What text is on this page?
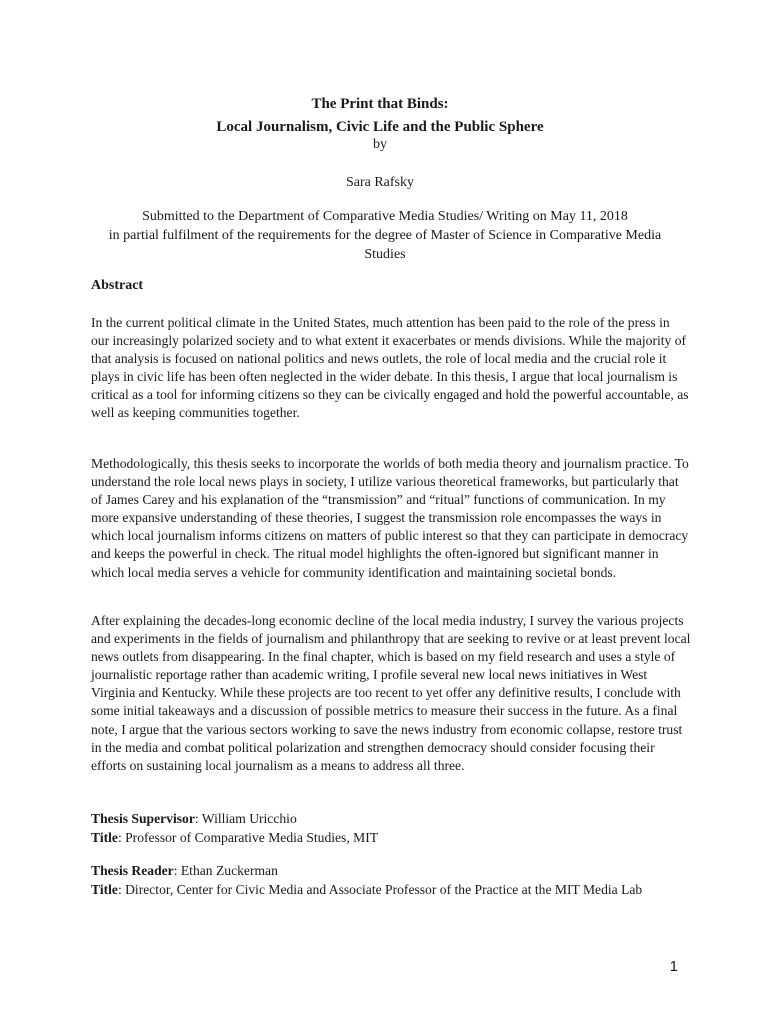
The Print that Binds:
Local Journalism, Civic Life and the Public Sphere
by
Sara Rafsky
Submitted to the Department of Comparative Media Studies/ Writing on May 11, 2018
in partial fulfilment of the requirements for the degree of Master of Science in Comparative Media Studies
Abstract

In the current political climate in the United States, much attention has been paid to the role of the press in our increasingly polarized society and to what extent it exacerbates or mends divisions. While the majority of that analysis is focused on national politics and news outlets, the role of local media and the crucial role it plays in civic life has been often neglected in the wider debate. In this thesis, I argue that local journalism is critical as a tool for informing citizens so they can be civically engaged and hold the powerful accountable, as well as keeping communities together.

Methodologically, this thesis seeks to incorporate the worlds of both media theory and journalism practice. To understand the role local news plays in society, I utilize various theoretical frameworks, but particularly that of James Carey and his explanation of the “transmission” and “ritual” functions of communication. In my more expansive understanding of these theories, I suggest the transmission role encompasses the ways in which local journalism informs citizens on matters of public interest so that they can participate in democracy and keeps the powerful in check. The ritual model highlights the often-ignored but significant manner in which local media serves a vehicle for community identification and maintaining societal bonds.

After explaining the decades-long economic decline of the local media industry, I survey the various projects and experiments in the fields of journalism and philanthropy that are seeking to revive or at least prevent local news outlets from disappearing. In the final chapter, which is based on my field research and uses a style of journalistic reportage rather than academic writing, I profile several new local news initiatives in West Virginia and Kentucky. While these projects are too recent to yet offer any definitive results, I conclude with some initial takeaways and a discussion of possible metrics to measure their success in the future. As a final note, I argue that the various sectors working to save the news industry from economic collapse, restore trust in the media and combat political polarization and strengthen democracy should consider focusing their efforts on sustaining local journalism as a means to address all three.

Thesis Supervisor: William Uricchio
Title: Professor of Comparative Media Studies, MIT
Thesis Reader: Ethan Zuckerman
Title: Director, Center for Civic Media and Associate Professor of the Practice at the MIT Media Lab
1
